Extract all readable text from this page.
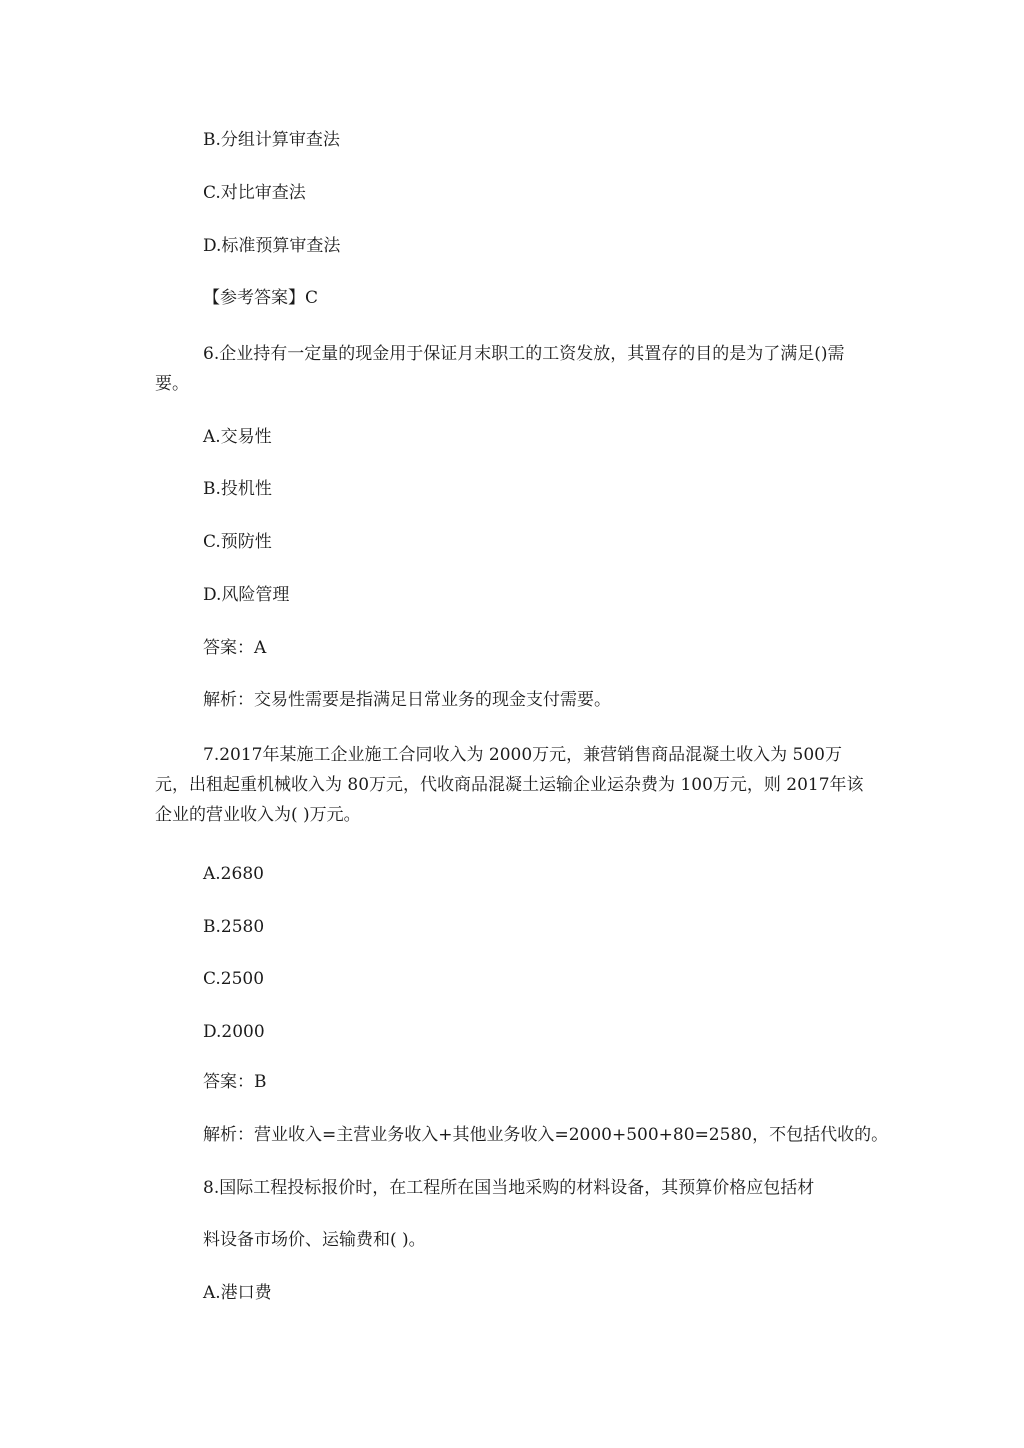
B.分组计算审查法
C.对比审查法
D.标准预算审查法
【参考答案】C
6.企业持有一定量的现金用于保证月末职工的工资发放，其置存的目的是为了满足()需要。
A.交易性
B.投机性
C.预防性
D.风险管理
答案：A
解析：交易性需要是指满足日常业务的现金支付需要。
7.2017年某施工企业施工合同收入为 2000万元，兼营销售商品混凝土收入为 500万元，出租起重机械收入为 80万元，代收商品混凝土运输企业运杂费为 100万元，则 2017年该企业的营业收入为( )万元。
A.2680
B.2580
C.2500
D.2000
答案：B
解析：营业收入=主营业务收入+其他业务收入=2000+500+80=2580，不包括代收的。
8.国际工程投标报价时，在工程所在国当地采购的材料设备，其预算价格应包括材
料设备市场价、运输费和( )。
A.港口费
